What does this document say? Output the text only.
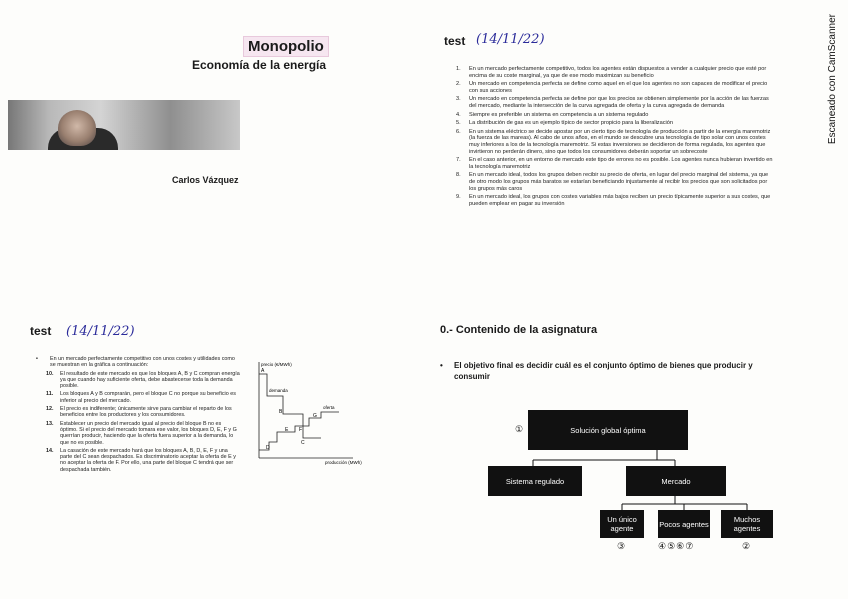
Escaneado con CamScanner
Monopolio
Economía de la energía
Carlos Vázquez
test (14/11/22)
1.	En un mercado perfectamente competitivo, todos los agentes están dispuestos a vender a cualquier precio que esté por encima de su coste marginal, ya que de ese modo maximizan su beneficio
2.	Un mercado en competencia perfecta se define como aquel en el que los agentes no son capaces de modificar el precio con sus acciones
3.	Un mercado en competencia perfecta se define por que los precios se obtienen simplemente por la acción de las fuerzas del mercado, mediante la intersección de la curva agregada de oferta y la curva agregada de demanda
4.	Siempre es preferible un sistema en competencia a un sistema regulado
5.	La distribución de gas es un ejemplo típico de sector propicio para la liberalización
6.	En un sistema eléctrico se decide apostar por un cierto tipo de tecnología de producción a partir de la energía maremotriz (la fuerza de las mareas). Al cabo de unos años, en el mundo se descubre una tecnología de tipo solar con unos costes muy inferiores a los de la tecnología maremotriz. Si estas inversiones se decidieron de forma regulada, los agentes que invirtieron no perderán dinero, sino que todos los consumidores deberán soportar un sobrecoste
7.	En el caso anterior, en un entorno de mercado este tipo de errores no es posible. Los agentes nunca hubieran invertido en la tecnología maremotriz
8.	En un mercado ideal, todos los grupos deben recibir su precio de oferta, en lugar del precio marginal del sistema, ya que de otro modo los grupos más baratos se estarían beneficiando injustamente al recibir los precios que son solicitados por los grupos más caros
9.	En un mercado ideal, los grupos con costes variables más bajos reciben un precio típicamente superior a sus costes, que pueden emplear en pagar su inversión
test (14/11/22)
•	En un mercado perfectamente competitivo con unos costes y utilidades como se muestran en la gráfica a continuación:
10.	El resultado de este mercado es que los bloques A, B y C compran energía ya que cuando hay suficiente oferta, debe abastecerse toda la demanda posible.
11.	Los bloques A y B comprarán, pero el bloque C no porque su beneficio es inferior al precio del mercado.
12.	El precio es indiferente; únicamente sirve para cambiar el reparto de los beneficios entre los productores y los consumidores.
13.	Establecer un precio del mercado igual al precio del bloque B no es óptimo. Si el precio del mercado tomara ese valor, los bloques D, E, F y G querrían producir, haciendo que la oferta fuera superior a la demanda, lo que no es posible.
14.	La casación de este mercado hará que los bloques A, B, D, E, F y una parte del C sean despachados. Es discriminatorio aceptar la oferta de E y no aceptar la oferta de F. Por ello, una parte del bloque C tendrá que ser despachada también.
precio (€/MWh)
demanda
oferta
A
B
C
D
E F
G
producción (MWh)
0.- Contenido de la asignatura
•	El objetivo final es decidir cuál es el conjunto óptimo de bienes que producir y consumir
Solución global óptima
Sistema regulado	Mercado
Un único agente	Pocos agentes	Muchos agentes
①
③	④⑤⑥⑦	②
